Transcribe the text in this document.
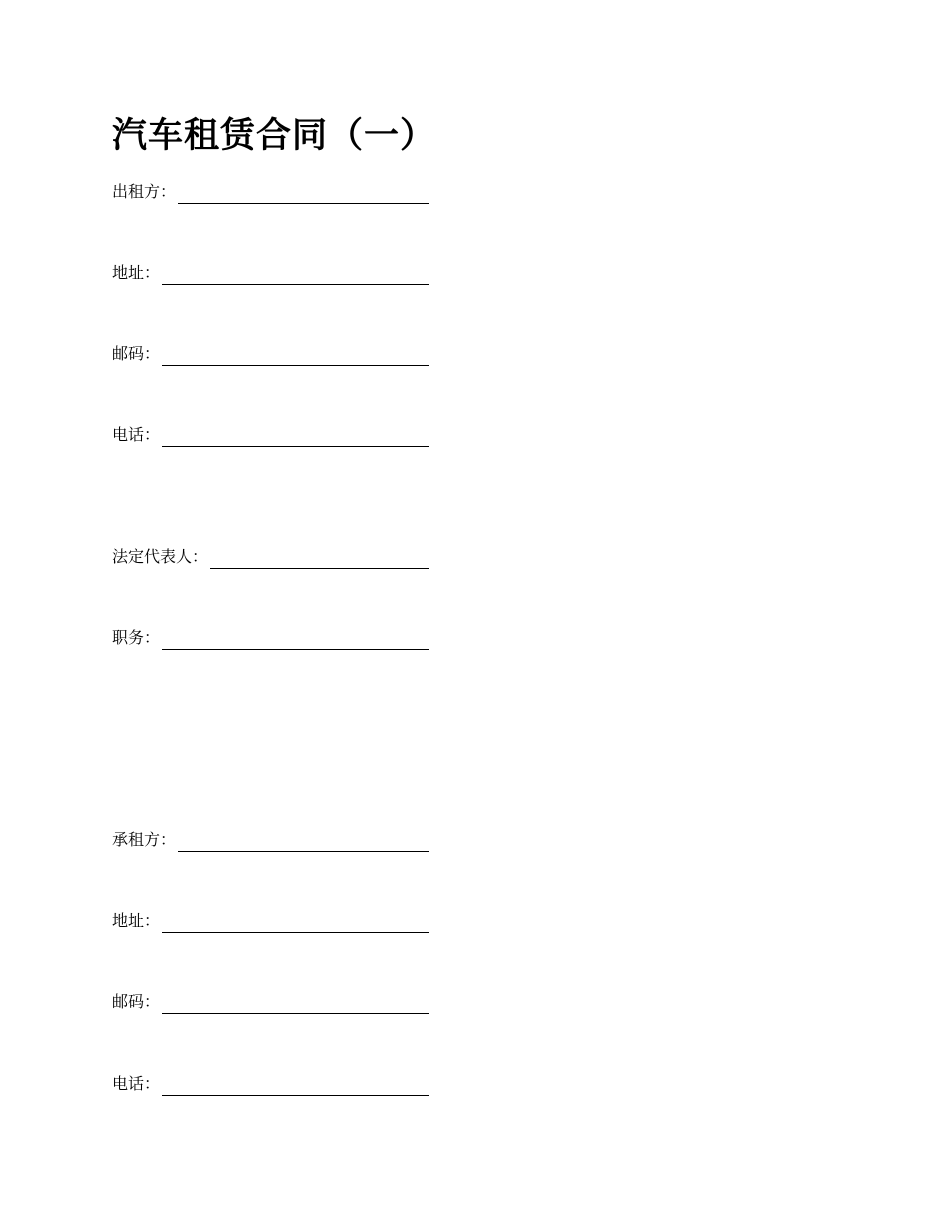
汽车租赁合同（一）
出租方：
地址：
邮码：
电话：
法定代表人：
职务：
承租方：
地址：
邮码：
电话：
